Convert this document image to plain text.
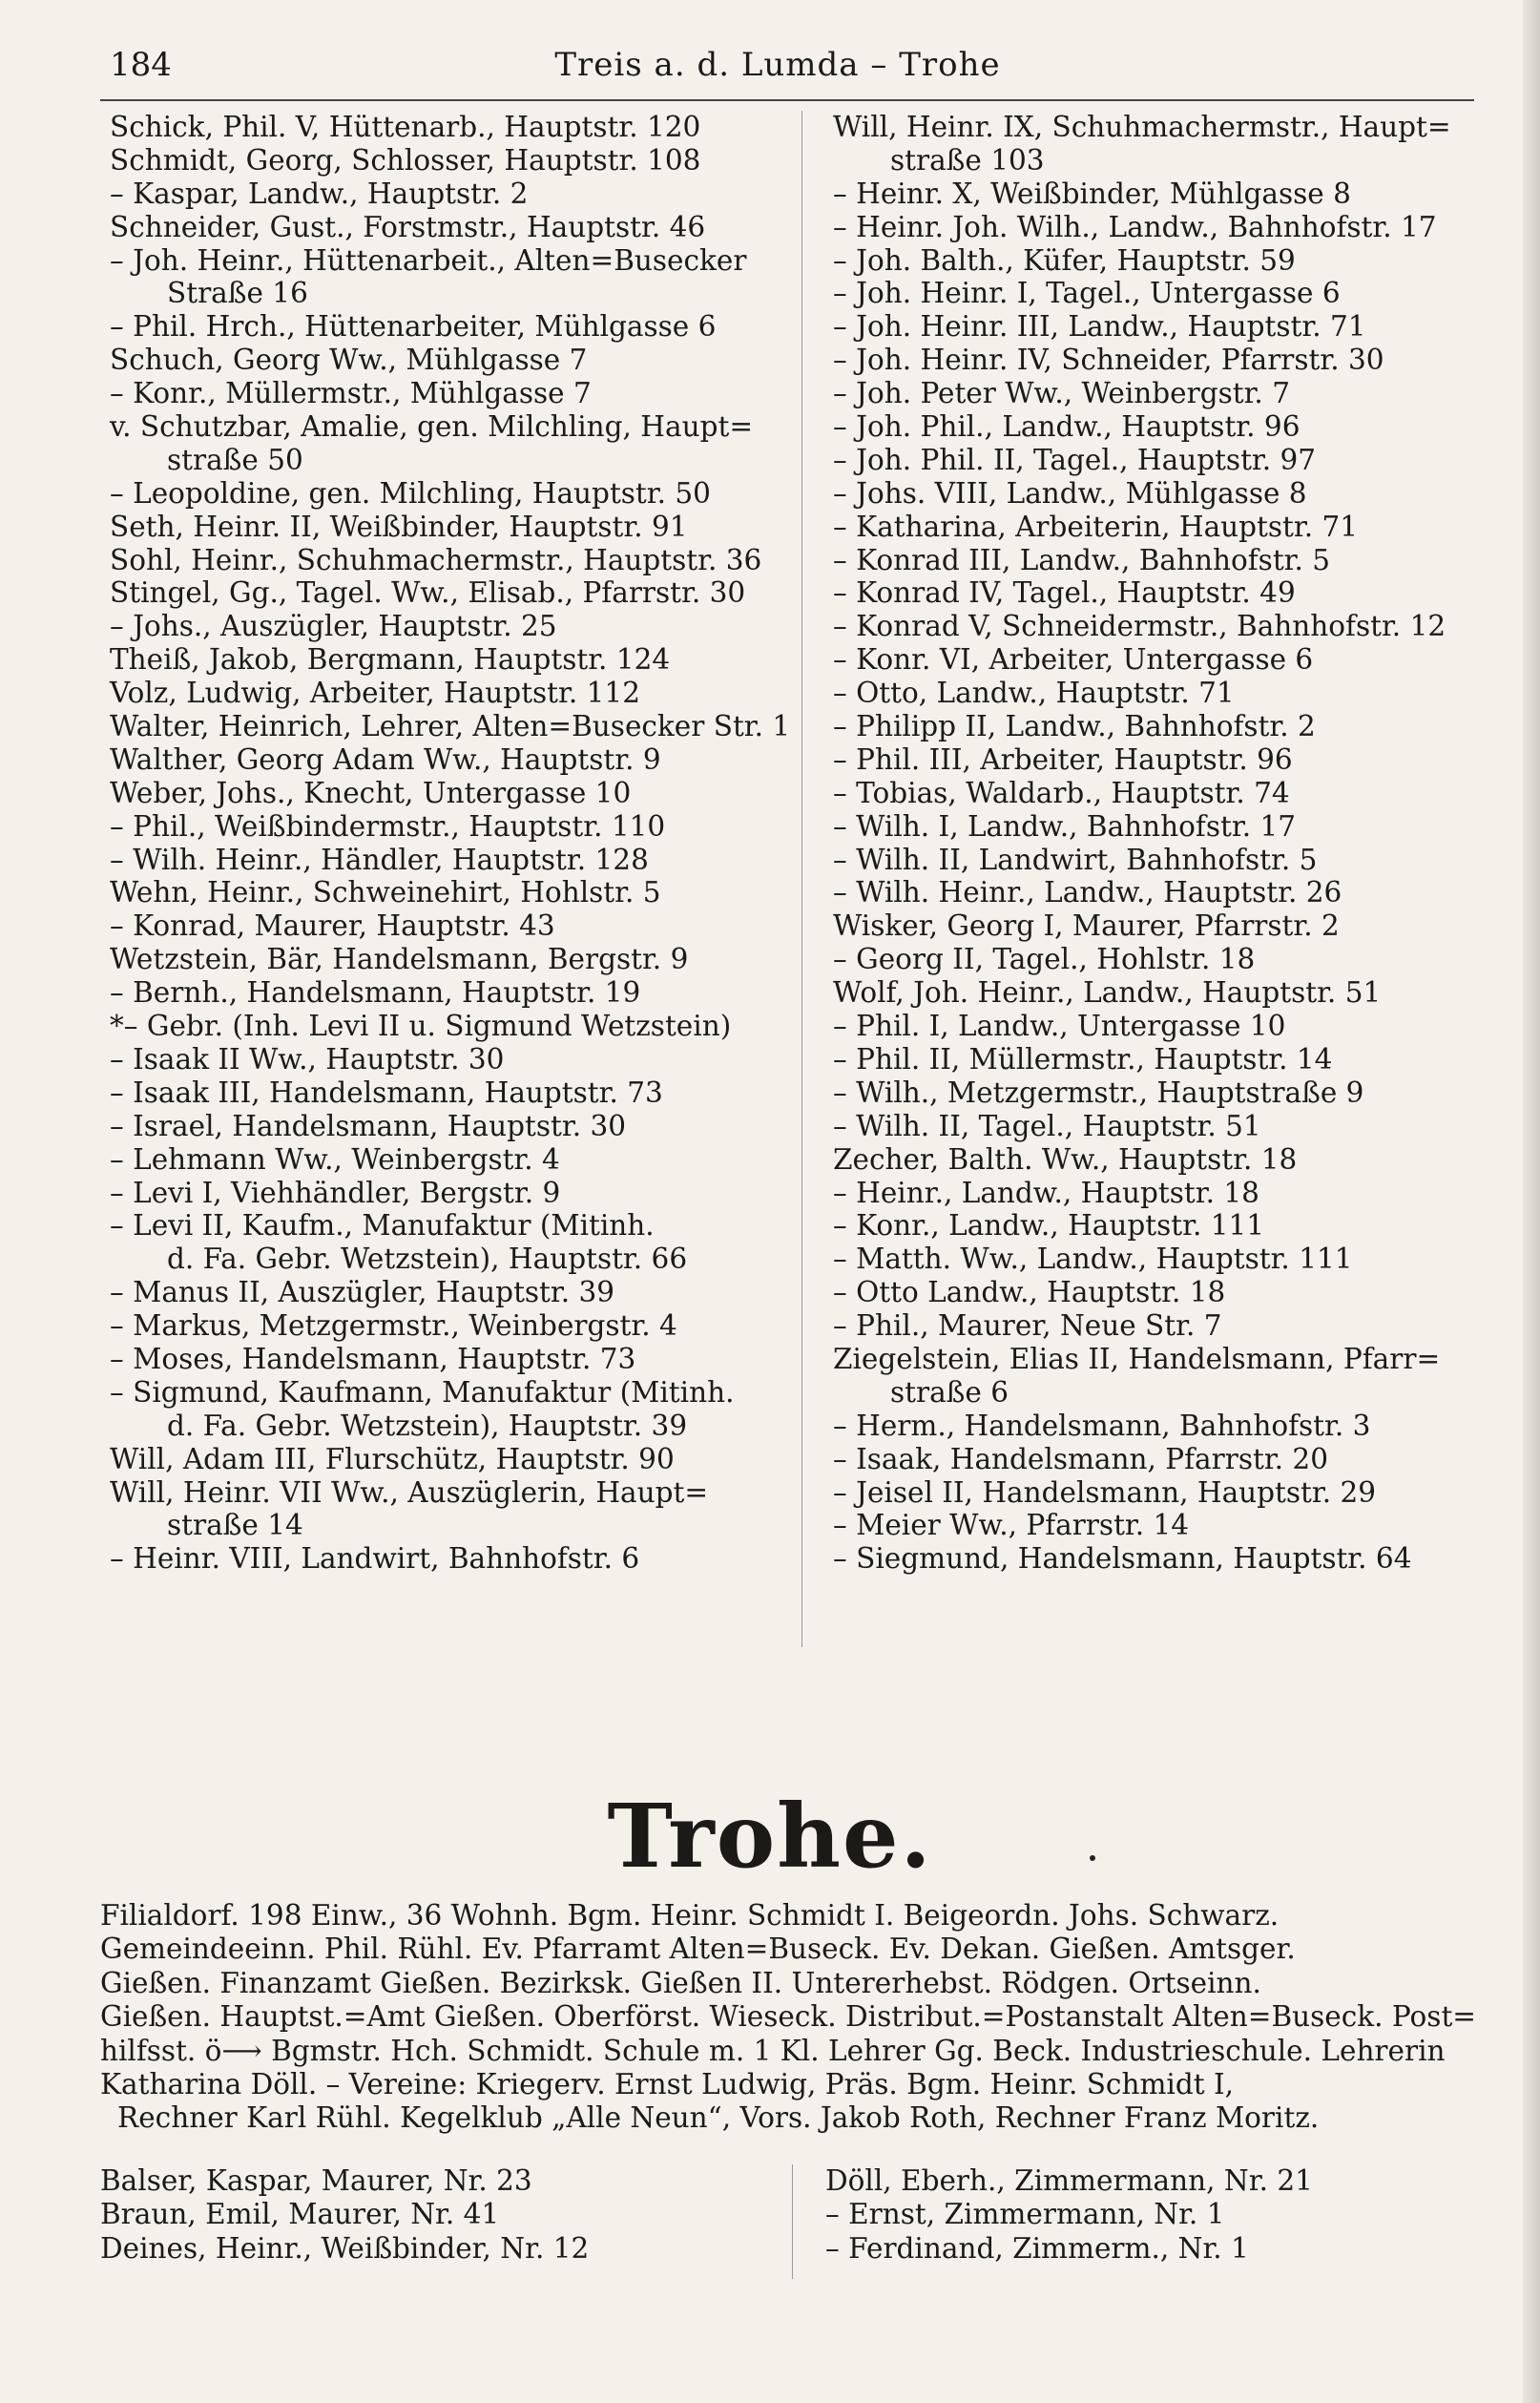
184	Treis a. d. Lumda – Trohe
Schick, Phil. V, Hüttenarb., Hauptstr. 120
Schmidt, Georg, Schlosser, Hauptstr. 108
– Kaspar, Landw., Hauptstr. 2
Schneider, Gust., Forstmstr., Hauptstr. 46
– Joh. Heinr., Hüttenarbeit., Alten=Busecker
Straße 16
– Phil. Hrch., Hüttenarbeiter, Mühlgasse 6
Schuch, Georg Ww., Mühlgasse 7
– Konr., Müllermstr., Mühlgasse 7
v. Schutzbar, Amalie, gen. Milchling, Haupt=
straße 50
– Leopoldine, gen. Milchling, Hauptstr. 50
Seth, Heinr. II, Weißbinder, Hauptstr. 91
Sohl, Heinr., Schuhmachermstr., Hauptstr. 36
Stingel, Gg., Tagel. Ww., Elisab., Pfarrstr. 30
– Johs., Auszügler, Hauptstr. 25
Theiß, Jakob, Bergmann, Hauptstr. 124
Volz, Ludwig, Arbeiter, Hauptstr. 112
Walter, Heinrich, Lehrer, Alten=Busecker Str. 1
Walther, Georg Adam Ww., Hauptstr. 9
Weber, Johs., Knecht, Untergasse 10
– Phil., Weißbindermstr., Hauptstr. 110
– Wilh. Heinr., Händler, Hauptstr. 128
Wehn, Heinr., Schweinehirt, Hohlstr. 5
– Konrad, Maurer, Hauptstr. 43
Wetzstein, Bär, Handelsmann, Bergstr. 9
– Bernh., Handelsmann, Hauptstr. 19
*– Gebr. (Inh. Levi II u. Sigmund Wetzstein)
– Isaak II Ww., Hauptstr. 30
– Isaak III, Handelsmann, Hauptstr. 73
– Israel, Handelsmann, Hauptstr. 30
– Lehmann Ww., Weinbergstr. 4
– Levi I, Viehhändler, Bergstr. 9
– Levi II, Kaufm., Manufaktur (Mitinh.
d. Fa. Gebr. Wetzstein), Hauptstr. 66
– Manus II, Auszügler, Hauptstr. 39
– Markus, Metzgermstr., Weinbergstr. 4
– Moses, Handelsmann, Hauptstr. 73
– Sigmund, Kaufmann, Manufaktur (Mitinh.
d. Fa. Gebr. Wetzstein), Hauptstr. 39
Will, Adam III, Flurschütz, Hauptstr. 90
Will, Heinr. VII Ww., Auszüglerin, Haupt=
straße 14
– Heinr. VIII, Landwirt, Bahnhofstr. 6
Will, Heinr. IX, Schuhmachermstr., Haupt=
straße 103
– Heinr. X, Weißbinder, Mühlgasse 8
– Heinr. Joh. Wilh., Landw., Bahnhofstr. 17
– Joh. Balth., Küfer, Hauptstr. 59
– Joh. Heinr. I, Tagel., Untergasse 6
– Joh. Heinr. III, Landw., Hauptstr. 71
– Joh. Heinr. IV, Schneider, Pfarrstr. 30
– Joh. Peter Ww., Weinbergstr. 7
– Joh. Phil., Landw., Hauptstr. 96
– Joh. Phil. II, Tagel., Hauptstr. 97
– Johs. VIII, Landw., Mühlgasse 8
– Katharina, Arbeiterin, Hauptstr. 71
– Konrad III, Landw., Bahnhofstr. 5
– Konrad IV, Tagel., Hauptstr. 49
– Konrad V, Schneidermstr., Bahnhofstr. 12
– Konr. VI, Arbeiter, Untergasse 6
– Otto, Landw., Hauptstr. 71
– Philipp II, Landw., Bahnhofstr. 2
– Phil. III, Arbeiter, Hauptstr. 96
– Tobias, Waldarb., Hauptstr. 74
– Wilh. I, Landw., Bahnhofstr. 17
– Wilh. II, Landwirt, Bahnhofstr. 5
– Wilh. Heinr., Landw., Hauptstr. 26
Wisker, Georg I, Maurer, Pfarrstr. 2
– Georg II, Tagel., Hohlstr. 18
Wolf, Joh. Heinr., Landw., Hauptstr. 51
– Phil. I, Landw., Untergasse 10
– Phil. II, Müllermstr., Hauptstr. 14
– Wilh., Metzgermstr., Hauptstraße 9
– Wilh. II, Tagel., Hauptstr. 51
Zecher, Balth. Ww., Hauptstr. 18
– Heinr., Landw., Hauptstr. 18
– Konr., Landw., Hauptstr. 111
– Matth. Ww., Landw., Hauptstr. 111
– Otto Landw., Hauptstr. 18
– Phil., Maurer, Neue Str. 7
Ziegelstein, Elias II, Handelsmann, Pfarr=
straße 6
– Herm., Handelsmann, Bahnhofstr. 3
– Isaak, Handelsmann, Pfarrstr. 20
– Jeisel II, Handelsmann, Hauptstr. 29
– Meier Ww., Pfarrstr. 14
– Siegmund, Handelsmann, Hauptstr. 64
Trohe.
Filialdorf. 198 Einw., 36 Wohnh. Bgm. Heinr. Schmidt I. Beigeordn. Johs. Schwarz.
Gemeindeeinn. Phil. Rühl. Ev. Pfarramt Alten=Buseck. Ev. Dekan. Gießen. Amtsger.
Gießen. Finanzamt Gießen. Bezirksk. Gießen II. Untererhebst. Rödgen. Ortseinn.
Gießen. Hauptst.=Amt Gießen. Oberförst. Wieseck. Distribut.=Postanstalt Alten=Buseck. Post=
hilfsst. ö⟶ Bgmstr. Hch. Schmidt. Schule m. 1 Kl. Lehrer Gg. Beck. Industrieschule. Lehrerin
Katharina Döll. – Vereine: Kriegerv. Ernst Ludwig, Präs. Bgm. Heinr. Schmidt I,
Rechner Karl Rühl. Kegelklub „Alle Neun“, Vors. Jakob Roth, Rechner Franz Moritz.
Balser, Kaspar, Maurer, Nr. 23
Braun, Emil, Maurer, Nr. 41
Deines, Heinr., Weißbinder, Nr. 12
Döll, Eberh., Zimmermann, Nr. 21
– Ernst, Zimmermann, Nr. 1
– Ferdinand, Zimmerm., Nr. 1
